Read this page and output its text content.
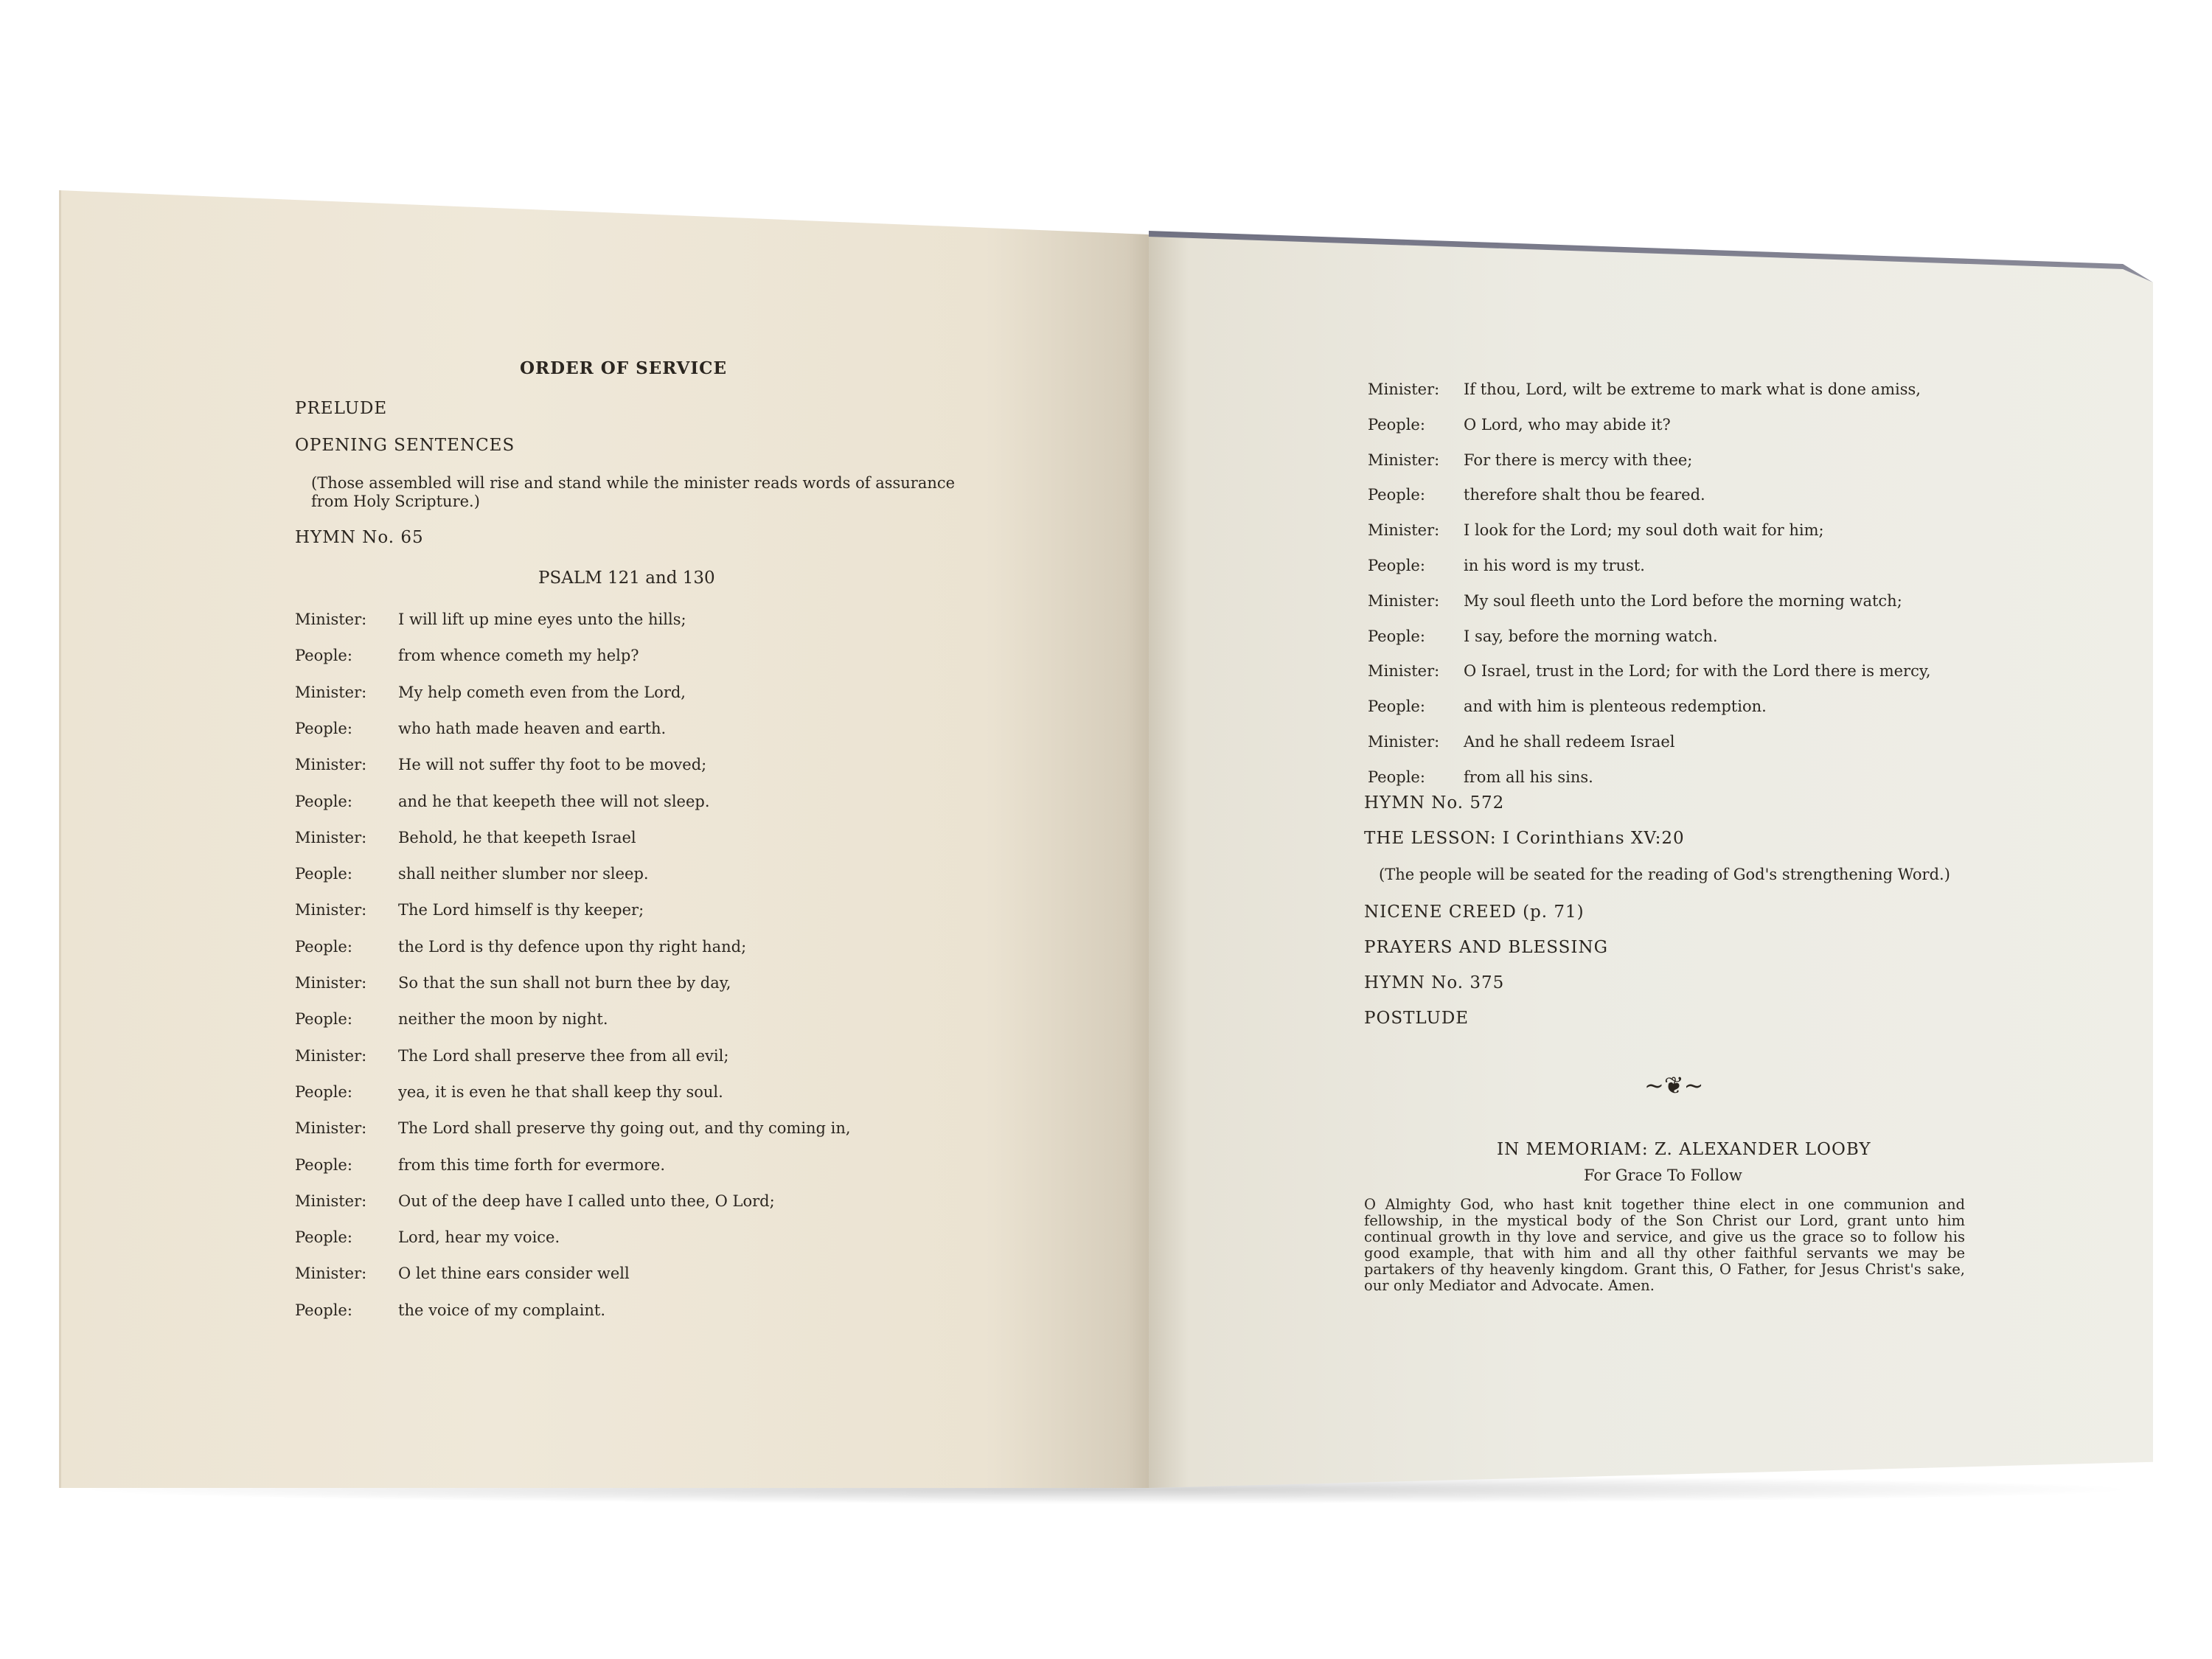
ORDER OF SERVICE
PRELUDE
OPENING SENTENCES
(Those assembled will rise and stand while the minister reads words of assurance from Holy Scripture.)
HYMN No. 65
PSALM 121 and 130
Minister: I will lift up mine eyes unto the hills;
People:	from whence cometh my help?
Minister: My help cometh even from the Lord,
People:	who hath made heaven and earth.
Minister: He will not suffer thy foot to be moved;
People:	and he that keepeth thee will not sleep.
Minister: Behold, he that keepeth Israel
People:	shall neither slumber nor sleep.
Minister: The Lord himself is thy keeper;
People:	the Lord is thy defence upon thy right hand;
Minister: So that the sun shall not burn thee by day,
People:	neither the moon by night.
Minister: The Lord shall preserve thee from all evil;
People:	yea, it is even he that shall keep thy soul.
Minister: The Lord shall preserve thy going out, and thy coming in,
People:	from this time forth for evermore.
Minister: Out of the deep have I called unto thee, O Lord;
People:	Lord, hear my voice.
Minister: O let thine ears consider well
People:	the voice of my complaint.
Minister: If thou, Lord, wilt be extreme to mark what is done amiss,
People: O Lord, who may abide it?
Minister: For there is mercy with thee;
People: therefore shalt thou be feared.
Minister: I look for the Lord; my soul doth wait for him;
People: in his word is my trust.
Minister: My soul fleeth unto the Lord before the morning watch;
People: I say, before the morning watch.
Minister: O Israel, trust in the Lord; for with the Lord there is mercy,
People: and with him is plenteous redemption.
Minister: And he shall redeem Israel
People: from all his sins.
HYMN No. 572
THE LESSON: I Corinthians XV:20
(The people will be seated for the reading of God's strengthening Word.)
NICENE CREED (p. 71)
PRAYERS AND BLESSING
HYMN No. 375
POSTLUDE
~❦~
IN MEMORIAM: Z. ALEXANDER LOOBY
For Grace To Follow
O Almighty God, who hast knit together thine elect in one communion and fellowship, in the mystical body of the Son Christ our Lord, grant unto him continual growth in thy love and service, and give us the grace so to follow his good example, that with him and all thy other faithful servants we may be partakers of thy heavenly kingdom. Grant this, O Father, for Jesus Christ's sake, our only Mediator and Advocate. Amen.
